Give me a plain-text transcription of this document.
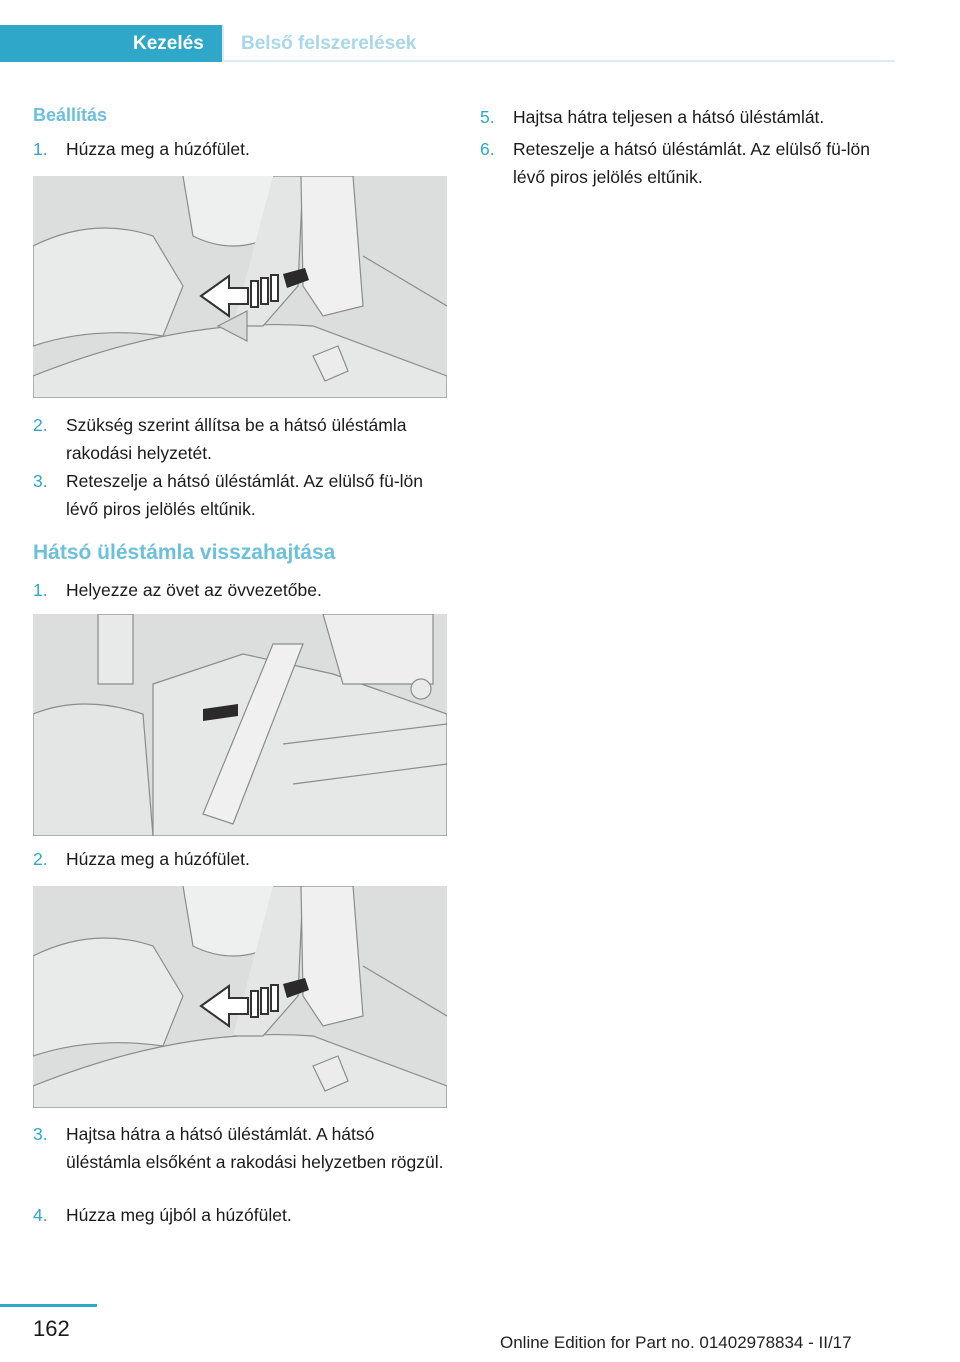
Kezelés	Belső felszerelések
Beállítás
1. Húzza meg a húzófület.
2. Szükség szerint állítsa be a hátsó üléstámla rakodási helyzetét.
3. Reteszelje a hátsó üléstámlát. Az elülső fü-lön lévő piros jelölés eltűnik.
Hátsó üléstámla visszahajtása
1. Helyezze az övet az övvezetőbe.
2. Húzza meg a húzófület.
3. Hajtsa hátra a hátsó üléstámlát. A hátsó üléstámla elsőként a rakodási helyzetben rögzül.
4. Húzza meg újból a húzófület.
5. Hajtsa hátra teljesen a hátsó üléstámlát.
6. Reteszelje a hátsó üléstámlát. Az elülső fü-lön lévő piros jelölés eltűnik.
162
Online Edition for Part no. 01402978834 - II/17
